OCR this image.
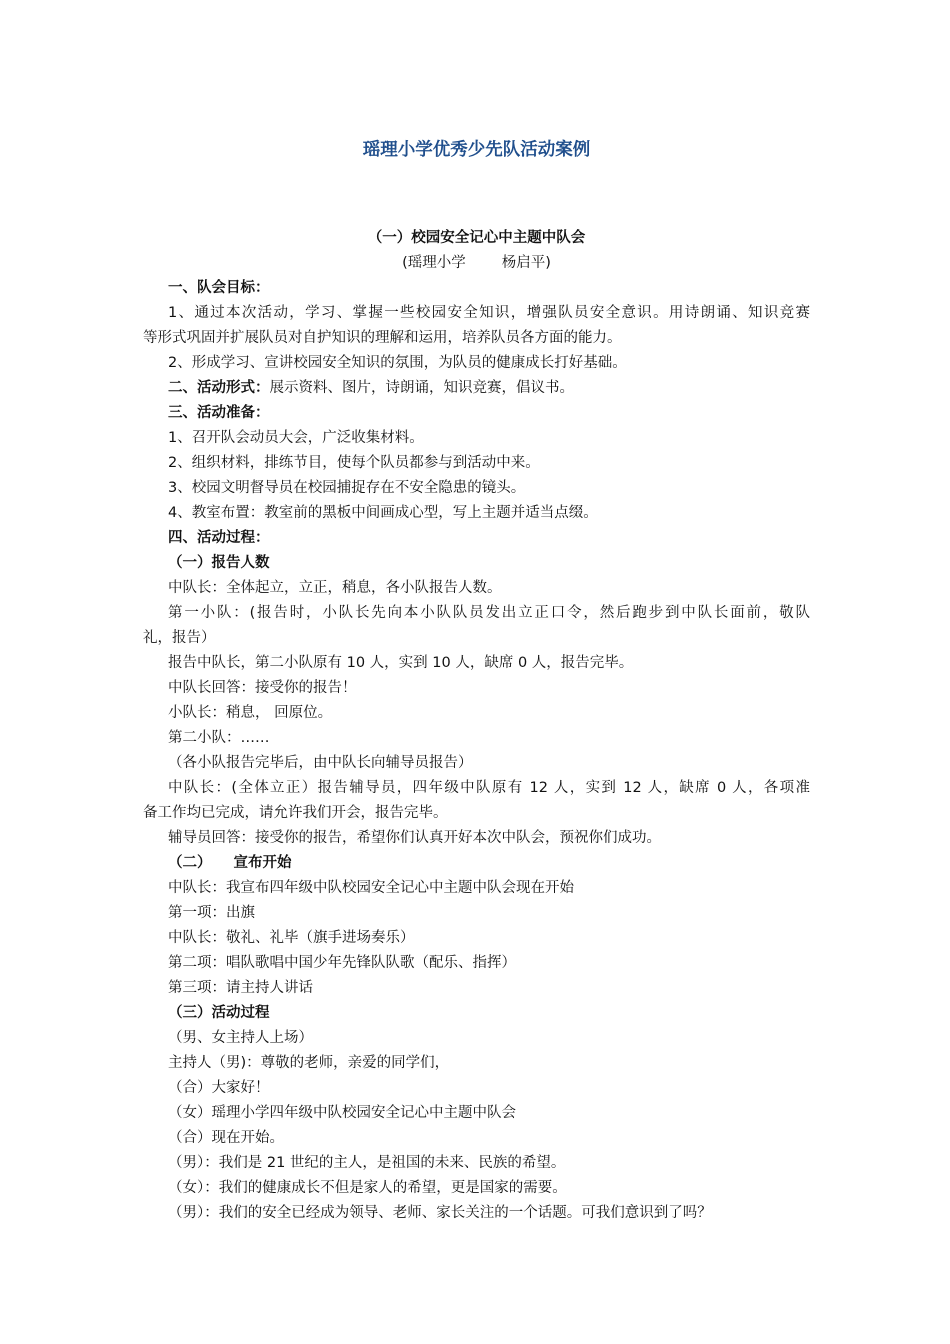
瑶理小学优秀少先队活动案例
（一）校园安全记心中主题中队会
(瑶理小学 杨启平)
一、队会目标：
1、通过本次活动，学习、掌握一些校园安全知识，增强队员安全意识。用诗朗诵、知识竞赛
等形式巩固并扩展队员对自护知识的理解和运用，培养队员各方面的能力。
2、形成学习、宣讲校园安全知识的氛围，为队员的健康成长打好基础。
二、活动形式：展示资料、图片，诗朗诵，知识竞赛，倡议书。
三、活动准备：
1、召开队会动员大会，广泛收集材料。
2、组织材料，排练节目，使每个队员都参与到活动中来。
3、校园文明督导员在校园捕捉存在不安全隐患的镜头。
4、教室布置：教室前的黑板中间画成心型，写上主题并适当点缀。
四、活动过程：
（一）报告人数
中队长：全体起立，立正，稍息，各小队报告人数。
第一小队：(报告时，小队长先向本小队队员发出立正口令，然后跑步到中队长面前，敬队
礼，报告）
报告中队长，第二小队原有 10 人，实到 10 人，缺席 0 人，报告完毕。
中队长回答：接受你的报告！
小队长：稍息， 回原位。
第二小队：……
（各小队报告完毕后，由中队长向辅导员报告）
中队长：(全体立正）报告辅导员，四年级中队原有 12 人，实到 12 人，缺席 0 人，各项准
备工作均已完成，请允许我们开会，报告完毕。
辅导员回答：接受你的报告，希望你们认真开好本次中队会，预祝你们成功。
（二） 宣布开始
中队长：我宣布四年级中队校园安全记心中主题中队会现在开始
第一项：出旗
中队长：敬礼、礼毕（旗手进场奏乐）
第二项：唱队歌唱中国少年先锋队队歌（配乐、指挥）
第三项：请主持人讲话
（三）活动过程
（男、女主持人上场）
主持人（男)：尊敬的老师，亲爱的同学们，
（合）大家好！
（女）瑶理小学四年级中队校园安全记心中主题中队会
（合）现在开始。
（男）：我们是 21 世纪的主人，是祖国的未来、民族的希望。
（女）：我们的健康成长不但是家人的希望，更是国家的需要。
（男）：我们的安全已经成为领导、老师、家长关注的一个话题。可我们意识到了吗？
